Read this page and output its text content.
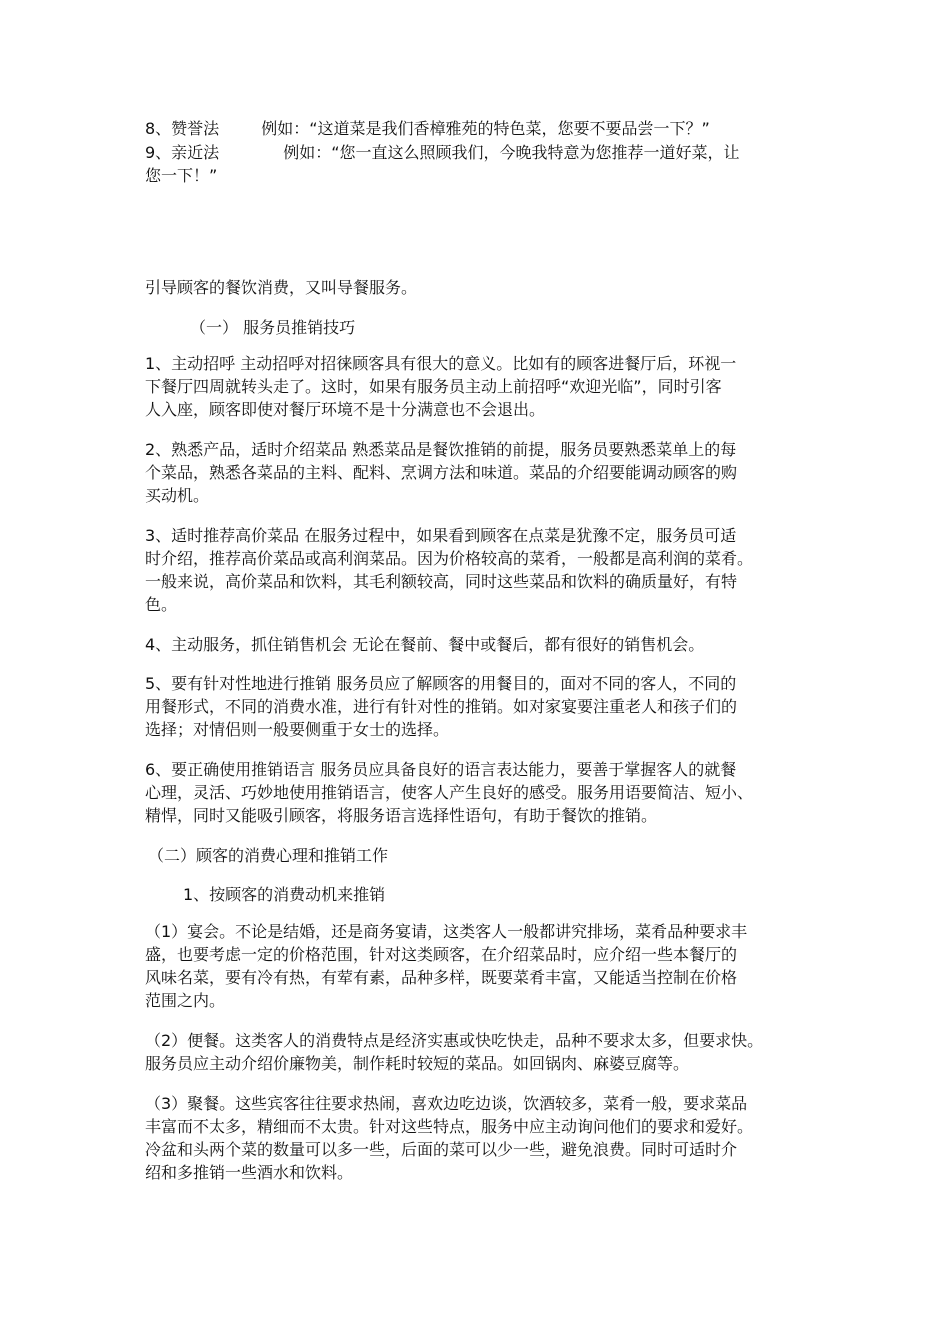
8、赞誉法	例如：“这道菜是我们香樟雅苑的特色菜，您要不要品尝一下？”
9、亲近法	例如：“您一直这么照顾我们，今晚我特意为您推荐一道好菜，让
您一下！”
引导顾客的餐饮消费，又叫导餐服务。
（一） 服务员推销技巧
1、主动招呼 主动招呼对招徕顾客具有很大的意义。比如有的顾客进餐厅后，环视一
下餐厅四周就转头走了。这时，如果有服务员主动上前招呼“欢迎光临”，同时引客
人入座，顾客即使对餐厅环境不是十分满意也不会退出。
2、熟悉产品，适时介绍菜品 熟悉菜品是餐饮推销的前提，服务员要熟悉菜单上的每
个菜品，熟悉各菜品的主料、配料、烹调方法和味道。菜品的介绍要能调动顾客的购
买动机。
3、适时推荐高价菜品 在服务过程中，如果看到顾客在点菜是犹豫不定，服务员可适
时介绍，推荐高价菜品或高利润菜品。因为价格较高的菜肴，一般都是高利润的菜肴。
一般来说，高价菜品和饮料，其毛利额较高，同时这些菜品和饮料的确质量好，有特
色。
4、主动服务，抓住销售机会 无论在餐前、餐中或餐后，都有很好的销售机会。
5、要有针对性地进行推销 服务员应了解顾客的用餐目的，面对不同的客人，不同的
用餐形式，不同的消费水准，进行有针对性的推销。如对家宴要注重老人和孩子们的
选择；对情侣则一般要侧重于女士的选择。
6、要正确使用推销语言 服务员应具备良好的语言表达能力，要善于掌握客人的就餐
心理，灵活、巧妙地使用推销语言，使客人产生良好的感受。服务用语要简洁、短小、
精悍，同时又能吸引顾客，将服务语言选择性语句，有助于餐饮的推销。
（二）顾客的消费心理和推销工作
1、按顾客的消费动机来推销
（1）宴会。不论是结婚，还是商务宴请，这类客人一般都讲究排场，菜肴品种要求丰
盛，也要考虑一定的价格范围，针对这类顾客，在介绍菜品时，应介绍一些本餐厅的
风味名菜，要有冷有热，有荤有素，品种多样，既要菜肴丰富，又能适当控制在价格
范围之内。
（2）便餐。这类客人的消费特点是经济实惠或快吃快走，品种不要求太多，但要求快。
服务员应主动介绍价廉物美，制作耗时较短的菜品。如回锅肉、麻婆豆腐等。
（3）聚餐。这些宾客往往要求热闹，喜欢边吃边谈，饮酒较多，菜肴一般，要求菜品
丰富而不太多，精细而不太贵。针对这些特点，服务中应主动询问他们的要求和爱好。
冷盆和头两个菜的数量可以多一些，后面的菜可以少一些，避免浪费。同时可适时介
绍和多推销一些酒水和饮料。
